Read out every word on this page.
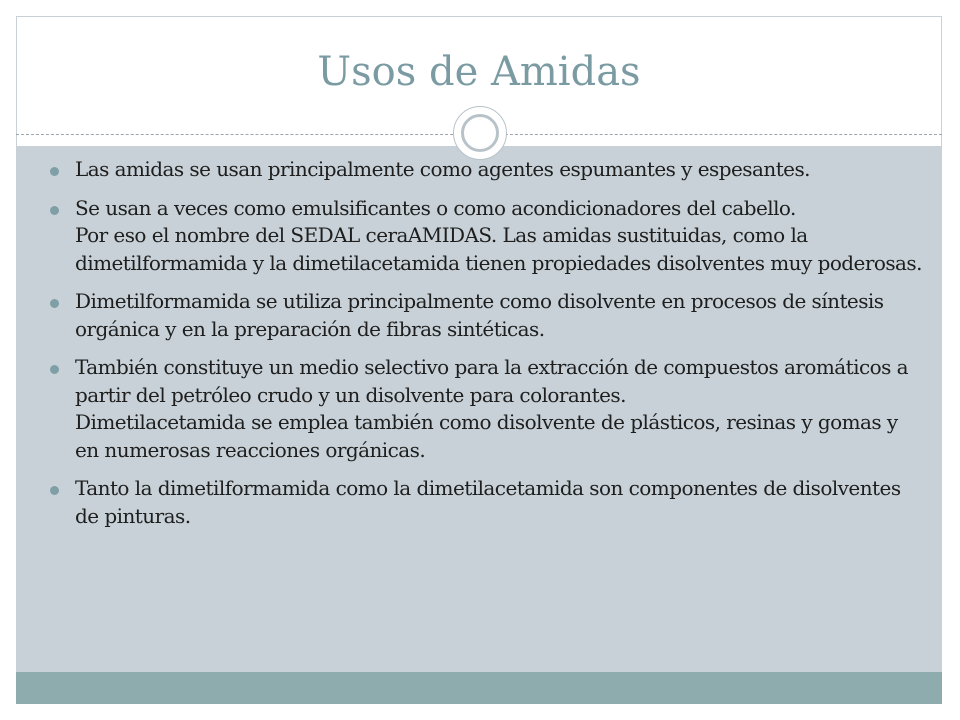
Usos de Amidas
Las amidas se usan principalmente como agentes espumantes y espesantes.
Se usan a veces como emulsificantes o como acondicionadores del cabello.
Por eso el nombre del SEDAL ceraAMIDAS. Las amidas sustituidas, como la dimetilformamida y la dimetilacetamida tienen propiedades disolventes muy poderosas.
Dimetilformamida se utiliza principalmente como disolvente en procesos de síntesis orgánica y en la preparación de fibras sintéticas.
También constituye un medio selectivo para la extracción de compuestos aromáticos a partir del petróleo crudo y un disolvente para colorantes.
Dimetilacetamida se emplea también como disolvente de plásticos, resinas y gomas y en numerosas reacciones orgánicas.
Tanto la dimetilformamida como la dimetilacetamida son componentes de disolventes de pinturas.
